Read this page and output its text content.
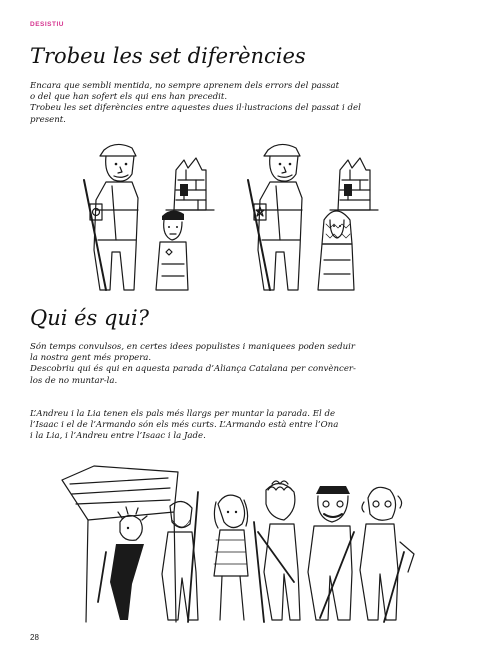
DESISTIU
Trobeu les set diferències
Encara que sembli mentida, no sempre aprenem dels errors del passat
o del que han sofert els qui ens han precedit.
Trobeu les set diferències entre aquestes dues il·lustracions del passat i del
present.
Qui és qui?
Són temps convulsos, en certes idees populistes i maniquees poden seduir
la nostra gent més propera.
Descobriu qui és qui en aquesta parada d’Aliança Catalana per convèncer-
los de no muntar-la.
L’Andreu i la Lia tenen els pals més llargs per muntar la parada. El de
l’Isaac i el de l’Armando són els més curts. L’Armando està entre l’Ona
i la Lia, i l’Andreu entre l’Isaac i la Jade.
28
